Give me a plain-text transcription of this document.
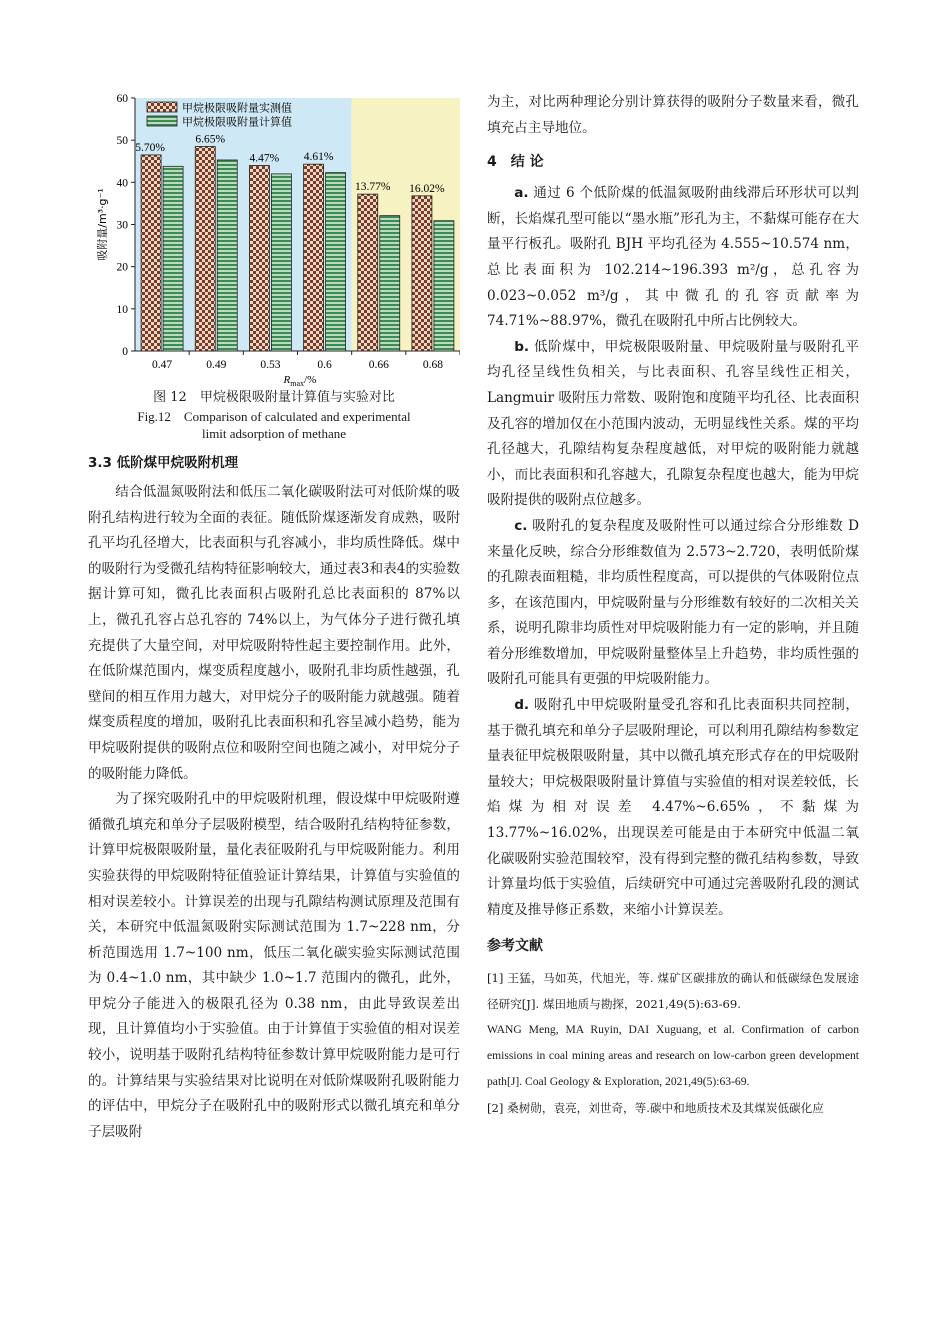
0
10
20
30
40
50
60
0.47	0.49	0.53	0.6	0.66	0.68
$R_{max}/\%$
吸附量/m³·g⁻¹
5.70%
6.65%
4.47% 4.61%
13.77% 16.02%
甲烷极限吸附量实测值
甲烷极限吸附量计算值
图 12　甲烷极限吸附量计算值与实验对比
Fig.12　Comparison of calculated and experimental
limit adsorption of methane
3.3 低阶煤甲烷吸附机理

结合低温氮吸附法和低压二氧化碳吸附法可对低阶煤的吸附孔结构进行较为全面的表征。随低阶煤逐渐发育成熟，吸附孔平均孔径增大，比表面积与孔容减小，非均质性降低。煤中的吸附行为受微孔结构特征影响较大，通过表3和表4的实验数据计算可知，微孔比表面积占吸附孔总比表面积的 87%以上，微孔孔容占总孔容的 74%以上，为气体分子进行微孔填充提供了大量空间，对甲烷吸附特性起主要控制作用。此外，在低阶煤范围内，煤变质程度越小，吸附孔非均质性越强，孔壁间的相互作用力越大，对甲烷分子的吸附能力就越强。随着煤变质程度的增加，吸附孔比表面积和孔容呈减小趋势，能为甲烷吸附提供的吸附点位和吸附空间也随之减小，对甲烷分子的吸附能力降低。

为了探究吸附孔中的甲烷吸附机理，假设煤中甲烷吸附遵循微孔填充和单分子层吸附模型，结合吸附孔结构特征参数，计算甲烷极限吸附量，量化表征吸附孔与甲烷吸附能力。利用实验获得的甲烷吸附特征值验证计算结果，计算值与实验值的相对误差较小。计算误差的出现与孔隙结构测试原理及范围有关，本研究中低温氮吸附实际测试范围为 1.7~228 nm，分析范围选用 1.7~100 nm，低压二氧化碳实验实际测试范围为 0.4~1.0 nm，其中缺少 1.0~1.7 范围内的微孔，此外，甲烷分子能进入的极限孔径为 0.38 nm，由此导致误差出现，且计算值均小于实验值。由于计算值于实验值的相对误差较小，说明基于吸附孔结构特征参数计算甲烷吸附能力是可行的。计算结果与实验结果对比说明在对低阶煤吸附孔吸附能力的评估中，甲烷分子在吸附孔中的吸附形式以微孔填充和单分子层吸附

为主，对比两种理论分别计算获得的吸附分子数量来看，微孔填充占主导地位。

4　结 论

a. 通过 6 个低阶煤的低温氮吸附曲线滞后环形状可以判断，长焰煤孔型可能以“墨水瓶”形孔为主，不黏煤可能存在大量平行板孔。吸附孔 BJH 平均孔径为 4.555~10.574 nm，总比表面积为 102.214~196.393 m²/g，总孔容为 0.023~0.052 m³/g，其中微孔的孔容贡献率为 74.71%~88.97%，微孔在吸附孔中所占比例较大。

b. 低阶煤中，甲烷极限吸附量、甲烷吸附量与吸附孔平均孔径呈线性负相关，与比表面积、孔容呈线性正相关，Langmuir 吸附压力常数、吸附饱和度随平均孔径、比表面积及孔容的增加仅在小范围内波动，无明显线性关系。煤的平均孔径越大，孔隙结构复杂程度越低，对甲烷的吸附能力就越小，而比表面积和孔容越大，孔隙复杂程度也越大，能为甲烷吸附提供的吸附点位越多。

c. 吸附孔的复杂程度及吸附性可以通过综合分形维数 D 来量化反映，综合分形维数值为 2.573~2.720，表明低阶煤的孔隙表面粗糙，非均质性程度高，可以提供的气体吸附位点多，在该范围内，甲烷吸附量与分形维数有较好的二次相关关系，说明孔隙非均质性对甲烷吸附能力有一定的影响，并且随着分形维数增加，甲烷吸附量整体呈上升趋势，非均质性强的吸附孔可能具有更强的甲烷吸附能力。

d. 吸附孔中甲烷吸附量受孔容和孔比表面积共同控制，基于微孔填充和单分子层吸附理论，可以利用孔隙结构参数定量表征甲烷极限吸附量，其中以微孔填充形式存在的甲烷吸附量较大；甲烷极限吸附量计算值与实验值的相对误差较低，长焰煤为相对误差 4.47%~6.65%，不黏煤为 13.77%~16.02%，出现误差可能是由于本研究中低温二氧化碳吸附实验范围较窄，没有得到完整的微孔结构参数，导致计算量均低于实验值，后续研究中可通过完善吸附孔段的测试精度及推导修正系数，来缩小计算误差。

参考文献

[1] 王猛，马如英，代旭光，等. 煤矿区碳排放的确认和低碳绿色发展途径研究[J]. 煤田地质与勘探，2021,49(5):63-69.

WANG Meng, MA Ruyin, DAI Xuguang, et al. Confirmation of carbon emissions in coal mining areas and research on low-carbon green development path[J]. Coal Geology & Exploration, 2021,49(5):63-69.

[2] 桑树勋，袁亮，刘世奇，等.碳中和地质技术及其煤炭低碳化应
